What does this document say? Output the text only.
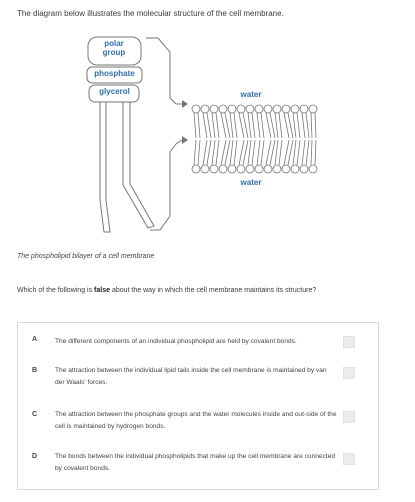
The diagram below illustrates the molecular structure of the cell membrane.
polar
group
phosphate
glycerol	water
water
The phospholipid bilayer of a cell membrane
Which of the following is false about the way in which the cell membrane maintains its structure?
A	The different components of an individual phospholipid are held by covalent bonds.
B	The attraction between the individual lipid tails inside the cell membrane is maintained by van der Waals' forces.
C	The attraction between the phosphate groups and the water molecules inside and out-side of the cell is maintained by hydrogen bonds.
D	The bonds between the individual phospholipids that make up the cell membrane are connected by covalent bonds.
